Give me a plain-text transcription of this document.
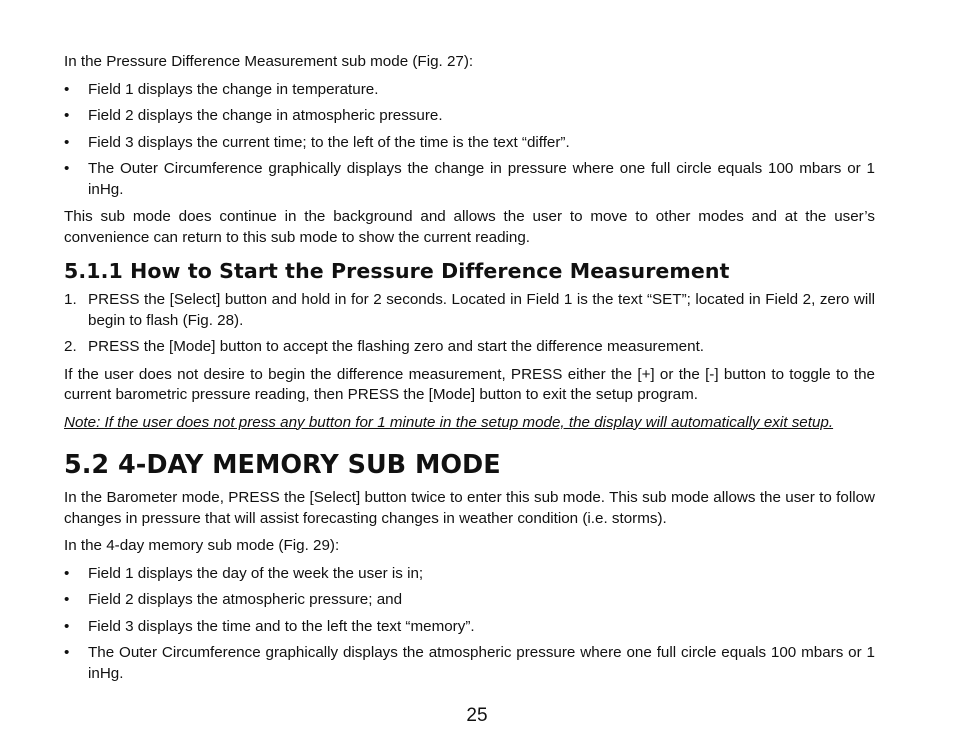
In the Pressure Difference Measurement sub mode (Fig. 27):

• Field 1 displays the change in temperature.
• Field 2 displays the change in atmospheric pressure.
• Field 3 displays the current time; to the left of the time is the text “differ”.
• The Outer Circumference graphically displays the change in pressure where one full circle equals 100 mbars or 1 inHg.

This sub mode does continue in the background and allows the user to move to other modes and at the user’s convenience can return to this sub mode to show the current reading.

5.1.1 How to Start the Pressure Difference Measurement
1. PRESS the [Select] button and hold in for 2 seconds. Located in Field 1 is the text “SET”; located in Field 2, zero will begin to flash (Fig. 28).
2. PRESS the [Mode] button to accept the flashing zero and start the difference measurement.

If the user does not desire to begin the difference measurement, PRESS either the [+] or the [-] button to toggle to the current barometric pressure reading, then PRESS the [Mode] button to exit the setup program.

Note: If the user does not press any button for 1 minute in the setup mode, the display will automatically exit setup.

5.2 4-DAY MEMORY SUB MODE

In the Barometer mode, PRESS the [Select] button twice to enter this sub mode. This sub mode allows the user to follow changes in pressure that will assist forecasting changes in weather condition (i.e. storms).

In the 4-day memory sub mode (Fig. 29):

• Field 1 displays the day of the week the user is in;
• Field 2 displays the atmospheric pressure; and
• Field 3 displays the time and to the left the text “memory”.
• The Outer Circumference graphically displays the atmospheric pressure where one full circle equals 100 mbars or 1 inHg.

25
